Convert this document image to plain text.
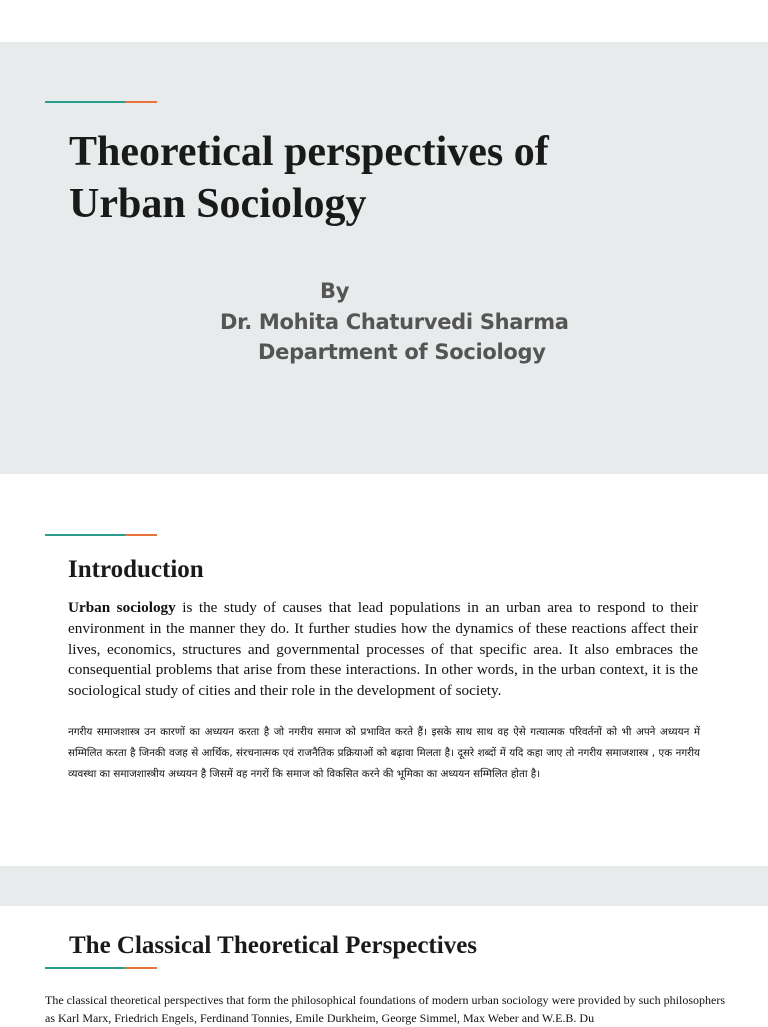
Theoretical perspectives of
Urban Sociology
By
Dr. Mohita Chaturvedi Sharma
Department of Sociology
Introduction

Urban sociology is the study of causes that lead populations in an urban area to respond to their environment in the manner they do. It further studies how the dynamics of these reactions affect their lives, economics, structures and governmental processes of that specific area. It also embraces the consequential problems that arise from these interactions. In other words, in the urban context, it is the sociological study of cities and their role in the development of society.

नगरीय समाजशास्त्र उन कारणों का अध्ययन करता है जो नगरीय समाज को प्रभावित करते हैं। इसके साथ साथ वह ऐसे गत्यात्मक परिवर्तनों को भी अपने अध्ययन में सम्मिलित करता है जिनकी वजह से आर्थिक, संरचनात्मक एवं राजनैतिक प्रक्रियाओं को बढ़ावा मिलता है। दूसरे शब्दों में यदि कहा जाए तो नगरीय समाजशास्त्र , एक नगरीय व्यवस्था का समाजशास्त्रीय अध्ययन है जिसमें वह नगरों कि समाज को विकसित करने की भूमिका का अध्ययन सम्मिलित होता है।

The Classical Theoretical Perspectives

The classical theoretical perspectives that form the philosophical foundations of modern urban sociology were provided by such philosophers as Karl Marx, Friedrich Engels, Ferdinand Tonnies, Emile Durkheim, George Simmel, Max Weber and W.E.B. Du
